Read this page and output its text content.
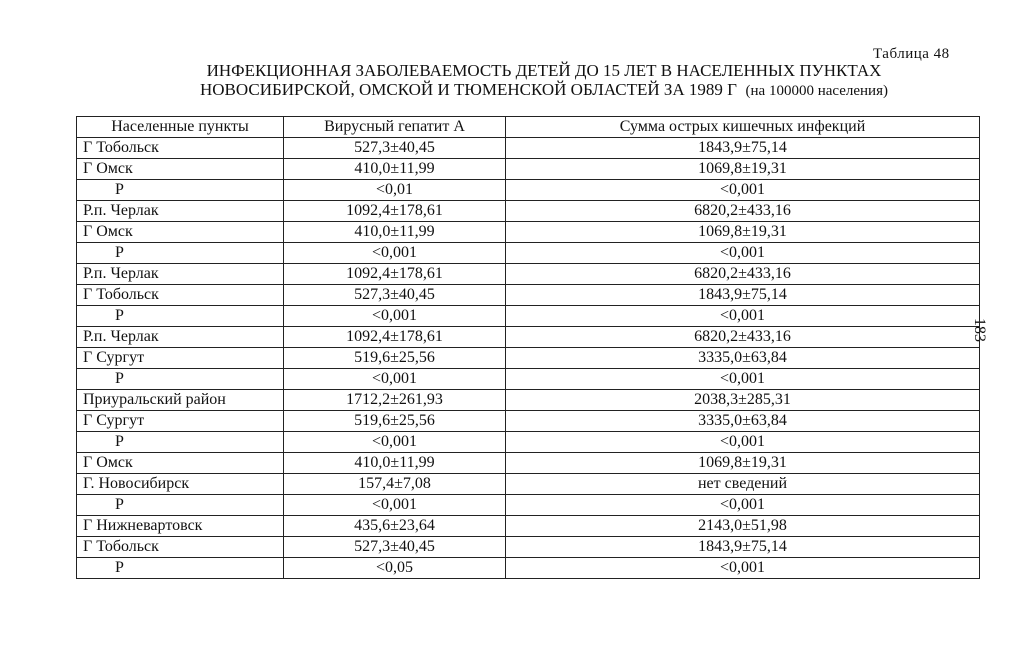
Таблица 48
ИНФЕКЦИОННАЯ ЗАБОЛЕВАЕМОСТЬ ДЕТЕЙ ДО 15 ЛЕТ В НАСЕЛЕННЫХ ПУНКТАХ
НОВОСИБИРСКОЙ, ОМСКОЙ И ТЮМЕНСКОЙ ОБЛАСТЕЙ ЗА 1989 Г (на 100000 населения)
183
Населенные пункты	Вирусный гепатит А	Сумма острых кишечных инфекций
Г Тобольск	527,3±40,45	1843,9±75,14
Г Омск	410,0±11,99	1069,8±19,31
Р	<0,01	<0,001
Р.п. Черлак	1092,4±178,61	6820,2±433,16
Г Омск	410,0±11,99	1069,8±19,31
Р	<0,001	<0,001
Р.п. Черлак	1092,4±178,61	6820,2±433,16
Г Тобольск	527,3±40,45	1843,9±75,14
Р	<0,001	<0,001
Р.п. Черлак	1092,4±178,61	6820,2±433,16
Г Сургут	519,6±25,56	3335,0±63,84
Р	<0,001	<0,001
Приуральский район	1712,2±261,93	2038,3±285,31
Г Сургут	519,6±25,56	3335,0±63,84
Р	<0,001	<0,001
Г Омск	410,0±11,99	1069,8±19,31
Г. Новосибирск	157,4±7,08	нет сведений
Р	<0,001	<0,001
Г Нижневартовск	435,6±23,64	2143,0±51,98
Г Тобольск	527,3±40,45	1843,9±75,14
Р	<0,05	<0,001
